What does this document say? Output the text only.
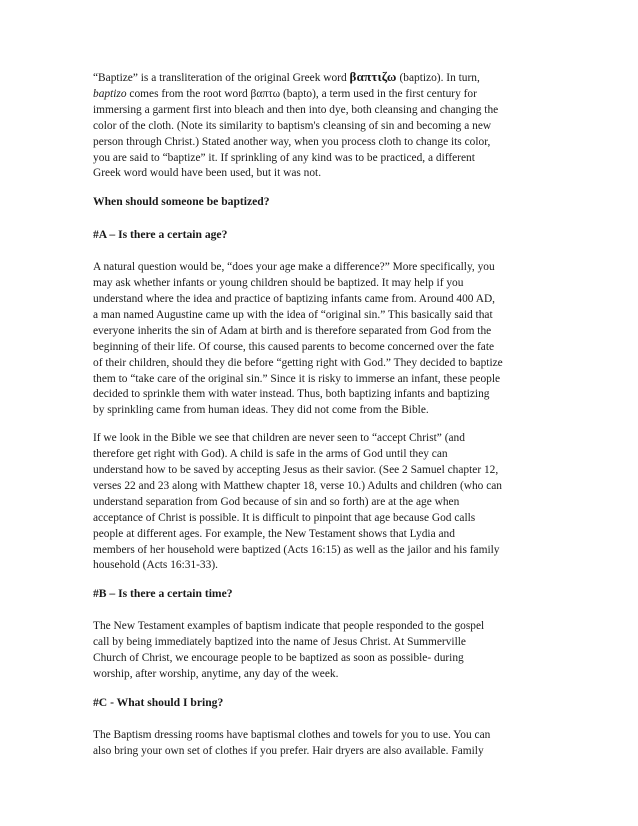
“Baptize” is a transliteration of the original Greek word βαπτιζω (baptizo). In turn,
baptizo comes from the root word βαπτω (bapto), a term used in the first century for
immersing a garment first into bleach and then into dye, both cleansing and changing the
color of the cloth. (Note its similarity to baptism's cleansing of sin and becoming a new
person through Christ.) Stated another way, when you process cloth to change its color,
you are said to “baptize” it. If sprinkling of any kind was to be practiced, a different
Greek word would have been used, but it was not.
When should someone be baptized?
#A – Is there a certain age?
A natural question would be, “does your age make a difference?” More specifically, you
may ask whether infants or young children should be baptized. It may help if you
understand where the idea and practice of baptizing infants came from. Around 400 AD,
a man named Augustine came up with the idea of “original sin.” This basically said that
everyone inherits the sin of Adam at birth and is therefore separated from God from the
beginning of their life. Of course, this caused parents to become concerned over the fate
of their children, should they die before “getting right with God.” They decided to baptize
them to “take care of the original sin.” Since it is risky to immerse an infant, these people
decided to sprinkle them with water instead. Thus, both baptizing infants and baptizing
by sprinkling came from human ideas. They did not come from the Bible.
If we look in the Bible we see that children are never seen to “accept Christ” (and
therefore get right with God). A child is safe in the arms of God until they can
understand how to be saved by accepting Jesus as their savior. (See 2 Samuel chapter 12,
verses 22 and 23 along with Matthew chapter 18, verse 10.) Adults and children (who can
understand separation from God because of sin and so forth) are at the age when
acceptance of Christ is possible. It is difficult to pinpoint that age because God calls
people at different ages. For example, the New Testament shows that Lydia and
members of her household were baptized (Acts 16:15) as well as the jailor and his family
household (Acts 16:31-33).
#B – Is there a certain time?
The New Testament examples of baptism indicate that people responded to the gospel
call by being immediately baptized into the name of Jesus Christ. At Summerville
Church of Christ, we encourage people to be baptized as soon as possible- during
worship, after worship, anytime, any day of the week.
#C - What should I bring?
The Baptism dressing rooms have baptismal clothes and towels for you to use. You can
also bring your own set of clothes if you prefer. Hair dryers are also available. Family
